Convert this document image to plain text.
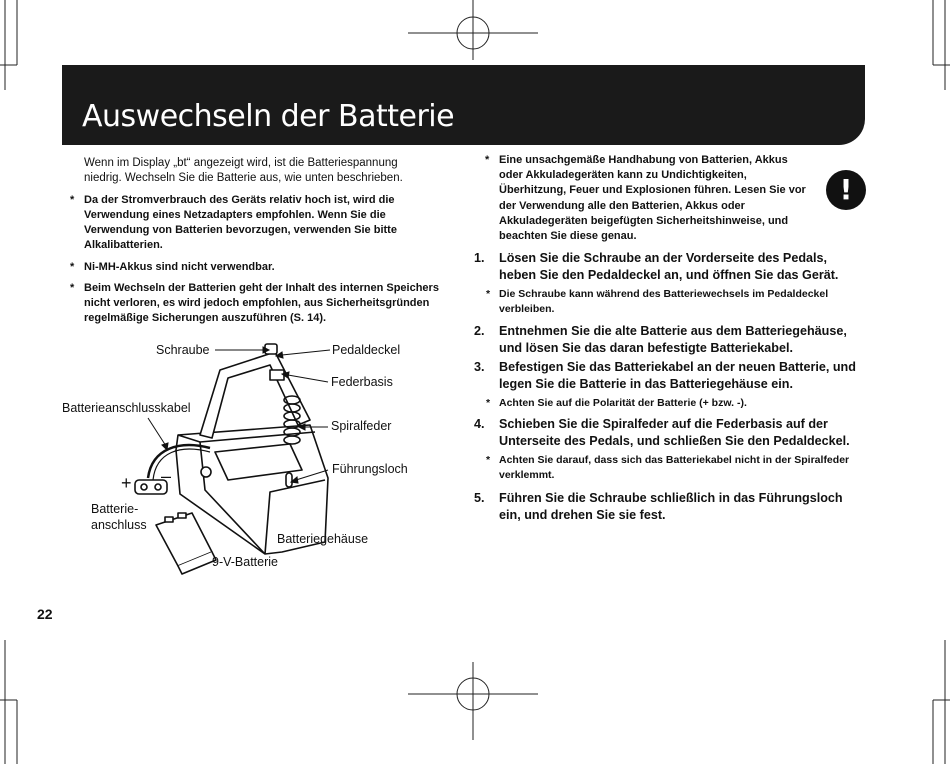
Auswechseln der Batterie
Wenn im Display „bt“ angezeigt wird, ist die Batteriespannung niedrig. Wechseln Sie die Batterie aus, wie unten beschrieben.
* Da der Stromverbrauch des Geräts relativ hoch ist, wird die Verwendung eines Netzadapters empfohlen. Wenn Sie die Verwendung von Batterien bevorzugen, verwenden Sie bitte Alkalibatterien.
* Ni-MH-Akkus sind nicht verwendbar.
* Beim Wechseln der Batterien geht der Inhalt des internen Speichers nicht verloren, es wird jedoch empfohlen, aus Sicherheitsgründen regelmäßige Sicherungen auszuführen (S. 14).
Schraube	Pedaldeckel
Federbasis
Batterieanschlusskabel
Spiralfeder
Führungsloch
+ –
Batterie-
anschluss
Batteriegehäuse
9-V-Batterie
* Eine unsachgemäße Handhabung von Batterien, Akkus oder Akkuladegeräten kann zu Undichtigkeiten, Überhitzung, Feuer und Explosionen führen. Lesen Sie vor der Verwendung alle den Batterien, Akkus oder Akkuladegeräten beigefügten Sicherheitshinweise, und beachten Sie diese genau.
!
1. Lösen Sie die Schraube an der Vorderseite des Pedals, heben Sie den Pedaldeckel an, und öffnen Sie das Gerät.
* Die Schraube kann während des Batteriewechsels im Pedaldeckel verbleiben.
2. Entnehmen Sie die alte Batterie aus dem Batteriegehäuse, und lösen Sie das daran befestigte Batteriekabel.
3. Befestigen Sie das Batteriekabel an der neuen Batterie, und legen Sie die Batterie in das Batteriegehäuse ein.
* Achten Sie auf die Polarität der Batterie (+ bzw. -).
4. Schieben Sie die Spiralfeder auf die Federbasis auf der Unterseite des Pedals, und schließen Sie den Pedaldeckel.
* Achten Sie darauf, dass sich das Batteriekabel nicht in der Spiralfeder verklemmt.
5. Führen Sie die Schraube schließlich in das Führungsloch ein, und drehen Sie sie fest.
22
